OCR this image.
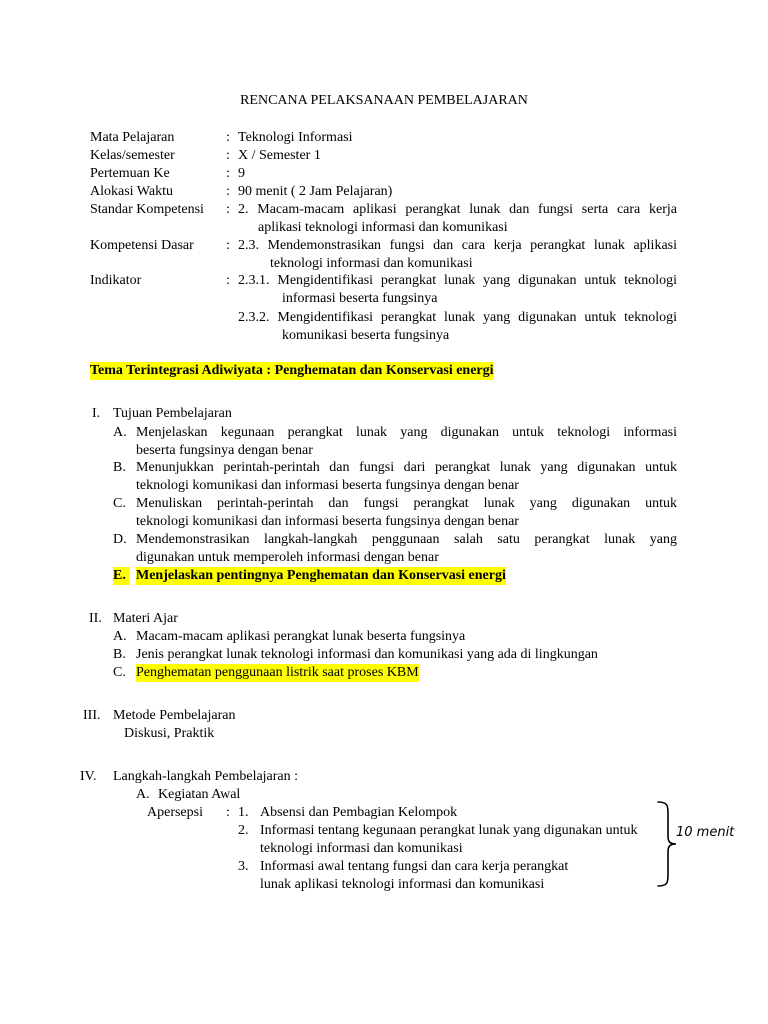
RENCANA PELAKSANAAN PEMBELAJARAN
Mata Pelajaran	: Teknologi Informasi
Kelas/semester	: X / Semester 1
Pertemuan Ke	: 9
Alokasi Waktu	: 90 menit ( 2 Jam Pelajaran)
Standar Kompetensi : 2. Macam-macam aplikasi perangkat lunak dan fungsi serta cara kerja
aplikasi teknologi informasi dan komunikasi
Kompetensi Dasar : 2.3. Mendemonstrasikan fungsi dan cara kerja perangkat lunak aplikasi
teknologi informasi dan komunikasi
Indikator	: 2.3.1. Mengidentifikasi perangkat lunak yang digunakan untuk teknologi
informasi beserta fungsinya
2.3.2. Mengidentifikasi perangkat lunak yang digunakan untuk teknologi
komunikasi beserta fungsinya
Tema Terintegrasi Adiwiyata : Penghematan dan Konservasi energi
I. Tujuan Pembelajaran
A. Menjelaskan kegunaan perangkat lunak yang digunakan untuk teknologi informasi
beserta fungsinya dengan benar
B. Menunjukkan perintah-perintah dan fungsi dari perangkat lunak yang digunakan untuk
teknologi komunikasi dan informasi beserta fungsinya dengan benar
C. Menuliskan perintah-perintah dan fungsi perangkat lunak yang digunakan untuk
teknologi komunikasi dan informasi beserta fungsinya dengan benar
D. Mendemonstrasikan langkah-langkah penggunaan salah satu perangkat lunak yang
digunakan untuk memperoleh informasi dengan benar
E. Menjelaskan pentingnya Penghematan dan Konservasi energi
II. Materi Ajar
A. Macam-macam aplikasi perangkat lunak beserta fungsinya
B. Jenis perangkat lunak teknologi informasi dan komunikasi yang ada di lingkungan
C. Penghematan penggunaan listrik saat proses KBM
III. Metode Pembelajaran
Diskusi, Praktik
IV. Langkah-langkah Pembelajaran :
A. Kegiatan Awal
Apersepsi : 1. Absensi dan Pembagian Kelompok
2. Informasi tentang kegunaan perangkat lunak yang digunakan untuk
teknologi informasi dan komunikasi
3. Informasi awal tentang fungsi dan cara kerja perangkat
lunak aplikasi teknologi informasi dan komunikasi
10 menit
